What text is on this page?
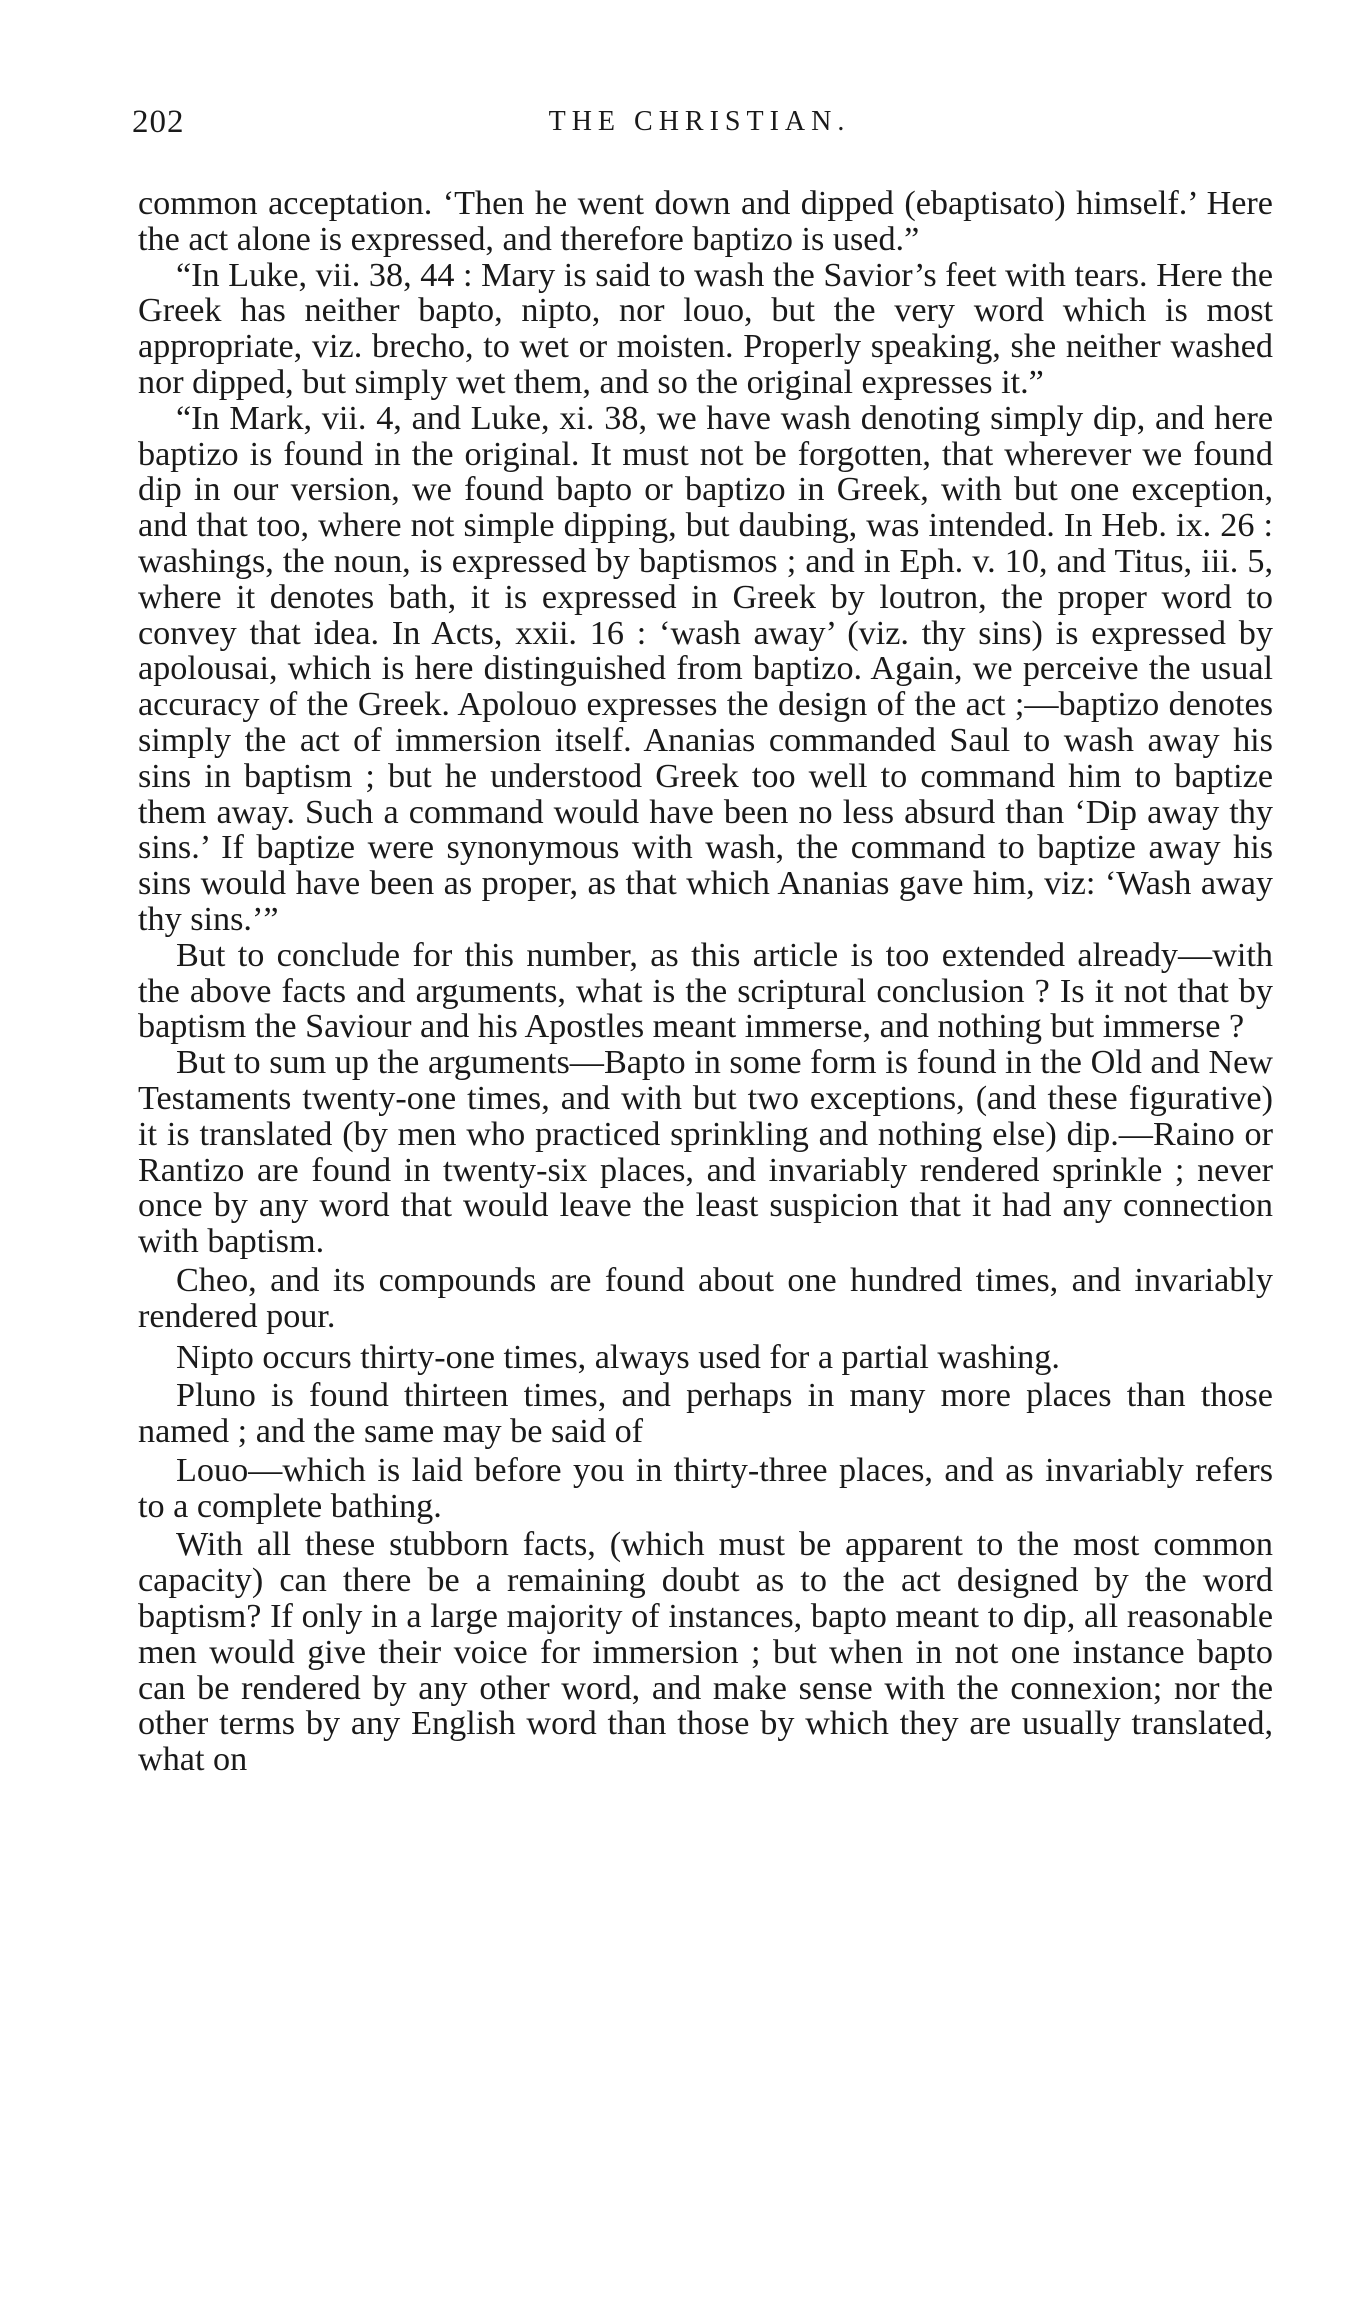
202	THE CHRISTIAN.

common acceptation. ‘Then he went down and dipped (ebaptisato) himself.’ Here the act alone is expressed, and therefore baptizo is used.”

“In Luke, vii. 38, 44 : Mary is said to wash the Savior’s feet with tears. Here the Greek has neither bapto, nipto, nor louo, but the very word which is most appropriate, viz. brecho, to wet or moisten. Properly speaking, she neither washed nor dipped, but simply wet them, and so the original expresses it.”

“In Mark, vii. 4, and Luke, xi. 38, we have wash denoting simply dip, and here baptizo is found in the original. It must not be forgotten, that wherever we found dip in our version, we found bapto or baptizo in Greek, with but one exception, and that too, where not simple dipping, but daubing, was intended. In Heb. ix. 26 : washings, the noun, is expressed by baptismos ; and in Eph. v. 10, and Titus, iii. 5, where it denotes bath, it is expressed in Greek by loutron, the proper word to convey that idea. In Acts, xxii. 16 : ‘wash away’ (viz. thy sins) is expressed by apolousai, which is here distinguished from baptizo. Again, we perceive the usual accuracy of the Greek. Apolouo expresses the design of the act ;—baptizo denotes simply the act of immersion itself. Ananias commanded Saul to wash away his sins in baptism ; but he understood Greek too well to command him to baptize them away. Such a command would have been no less absurd than ‘Dip away thy sins.’ If baptize were synonymous with wash, the command to baptize away his sins would have been as proper, as that which Ananias gave him, viz: ‘Wash away thy sins.’”

But to conclude for this number, as this article is too extended already—with the above facts and arguments, what is the scriptural conclusion ? Is it not that by baptism the Saviour and his Apostles meant immerse, and nothing but immerse ?

But to sum up the arguments—Bapto in some form is found in the Old and New Testaments twenty-one times, and with but two exceptions, (and these figurative) it is translated (by men who practiced sprinkling and nothing else) dip.—Raino or Rantizo are found in twenty-six places, and invariably rendered sprinkle ; never once by any word that would leave the least suspicion that it had any connection with baptism.

Cheo, and its compounds are found about one hundred times, and invariably rendered pour.

Nipto occurs thirty-one times, always used for a partial washing.

Pluno is found thirteen times, and perhaps in many more places than those named ; and the same may be said of

Louo—which is laid before you in thirty-three places, and as invariably refers to a complete bathing.

With all these stubborn facts, (which must be apparent to the most common capacity) can there be a remaining doubt as to the act designed by the word baptism? If only in a large majority of instances, bapto meant to dip, all reasonable men would give their voice for immersion ; but when in not one instance bapto can be rendered by any other word, and make sense with the connexion; nor the other terms by any English word than those by which they are usually translated, what on
